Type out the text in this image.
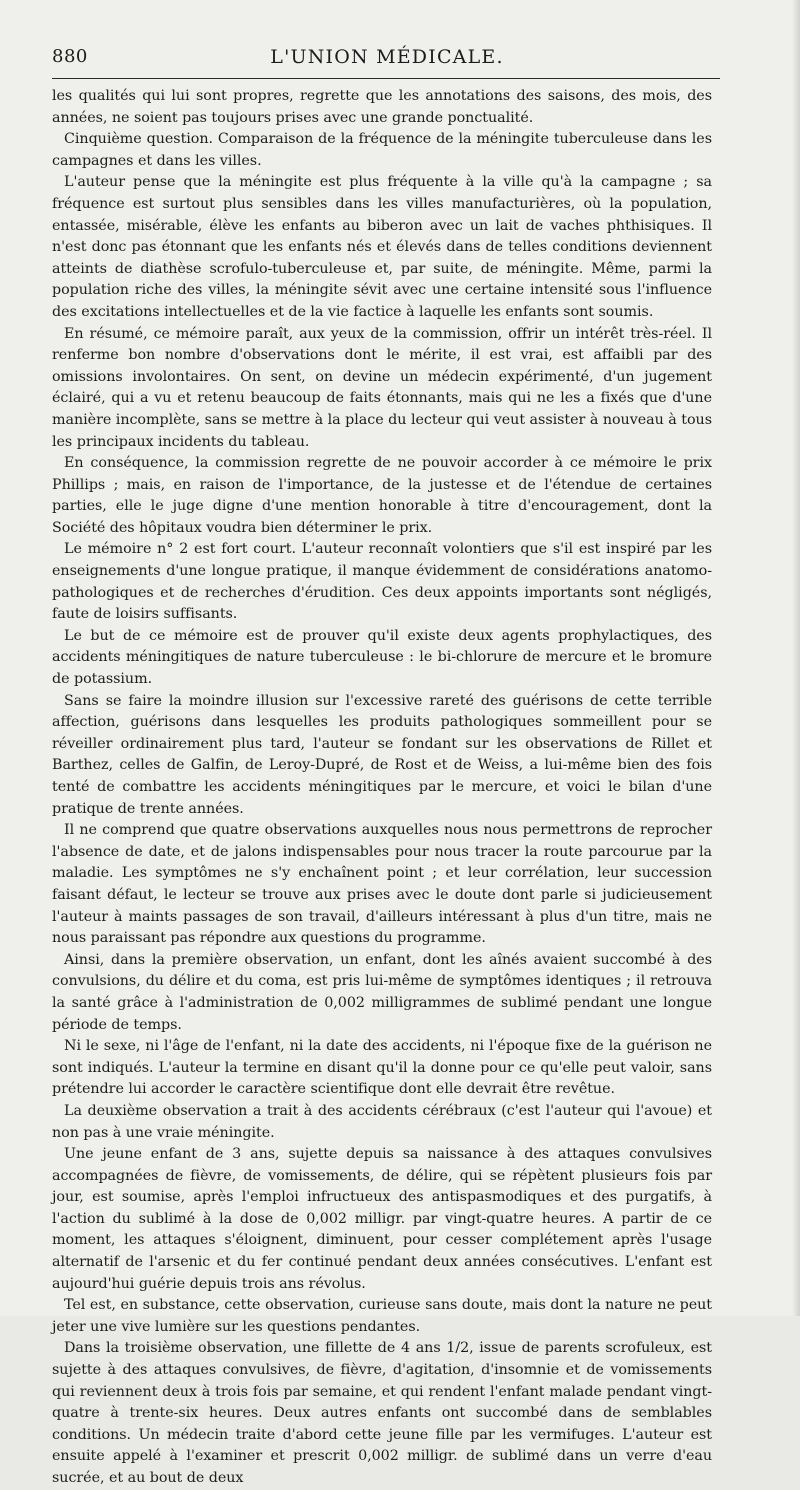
880	L'UNION MÉDICALE.

les qualités qui lui sont propres, regrette que les annotations des saisons, des mois, des années, ne soient pas toujours prises avec une grande ponctualité.

Cinquième question. Comparaison de la fréquence de la méningite tuberculeuse dans les campagnes et dans les villes.

L'auteur pense que la méningite est plus fréquente à la ville qu'à la campagne ; sa fréquence est surtout plus sensibles dans les villes manufacturières, où la population, entassée, misérable, élève les enfants au biberon avec un lait de vaches phthisiques. Il n'est donc pas étonnant que les enfants nés et élevés dans de telles conditions deviennent atteints de diathèse scrofulo-tuberculeuse et, par suite, de méningite. Même, parmi la population riche des villes, la méningite sévit avec une certaine intensité sous l'influence des excitations intellectuelles et de la vie factice à laquelle les enfants sont soumis.

En résumé, ce mémoire paraît, aux yeux de la commission, offrir un intérêt très-réel. Il renferme bon nombre d'observations dont le mérite, il est vrai, est affaibli par des omissions involontaires. On sent, on devine un médecin expérimenté, d'un jugement éclairé, qui a vu et retenu beaucoup de faits étonnants, mais qui ne les a fixés que d'une manière incomplète, sans se mettre à la place du lecteur qui veut assister à nouveau à tous les principaux incidents du tableau.

En conséquence, la commission regrette de ne pouvoir accorder à ce mémoire le prix Phillips ; mais, en raison de l'importance, de la justesse et de l'étendue de certaines parties, elle le juge digne d'une mention honorable à titre d'encouragement, dont la Société des hôpitaux voudra bien déterminer le prix.

Le mémoire n° 2 est fort court. L'auteur reconnaît volontiers que s'il est inspiré par les enseignements d'une longue pratique, il manque évidemment de considérations anatomo-pathologiques et de recherches d'érudition. Ces deux appoints importants sont négligés, faute de loisirs suffisants.

Le but de ce mémoire est de prouver qu'il existe deux agents prophylactiques, des accidents méningitiques de nature tuberculeuse : le bi-chlorure de mercure et le bromure de potassium.

Sans se faire la moindre illusion sur l'excessive rareté des guérisons de cette terrible affection, guérisons dans lesquelles les produits pathologiques sommeillent pour se réveiller ordinairement plus tard, l'auteur se fondant sur les observations de Rillet et Barthez, celles de Galfin, de Leroy-Dupré, de Rost et de Weiss, a lui-même bien des fois tenté de combattre les accidents méningitiques par le mercure, et voici le bilan d'une pratique de trente années.

Il ne comprend que quatre observations auxquelles nous nous permettrons de reprocher l'absence de date, et de jalons indispensables pour nous tracer la route parcourue par la maladie. Les symptômes ne s'y enchaînent point ; et leur corrélation, leur succession faisant défaut, le lecteur se trouve aux prises avec le doute dont parle si judicieusement l'auteur à maints passages de son travail, d'ailleurs intéressant à plus d'un titre, mais ne nous paraissant pas répondre aux questions du programme.

Ainsi, dans la première observation, un enfant, dont les aînés avaient succombé à des convulsions, du délire et du coma, est pris lui-même de symptômes identiques ; il retrouva la santé grâce à l'administration de 0,002 milligrammes de sublimé pendant une longue période de temps.

Ni le sexe, ni l'âge de l'enfant, ni la date des accidents, ni l'époque fixe de la guérison ne sont indiqués. L'auteur la termine en disant qu'il la donne pour ce qu'elle peut valoir, sans prétendre lui accorder le caractère scientifique dont elle devrait être revêtue.

La deuxième observation a trait à des accidents cérébraux (c'est l'auteur qui l'avoue) et non pas à une vraie méningite.

Une jeune enfant de 3 ans, sujette depuis sa naissance à des attaques convulsives accompagnées de fièvre, de vomissements, de délire, qui se répètent plusieurs fois par jour, est soumise, après l'emploi infructueux des antispasmodiques et des purgatifs, à l'action du sublimé à la dose de 0,002 milligr. par vingt-quatre heures. A partir de ce moment, les attaques s'éloignent, diminuent, pour cesser complétement après l'usage alternatif de l'arsenic et du fer continué pendant deux années consécutives. L'enfant est aujourd'hui guérie depuis trois ans révolus.

Tel est, en substance, cette observation, curieuse sans doute, mais dont la nature ne peut jeter une vive lumière sur les questions pendantes.

Dans la troisième observation, une fillette de 4 ans 1/2, issue de parents scrofuleux, est sujette à des attaques convulsives, de fièvre, d'agitation, d'insomnie et de vomissements qui reviennent deux à trois fois par semaine, et qui rendent l'enfant malade pendant vingt-quatre à trente-six heures. Deux autres enfants ont succombé dans de semblables conditions. Un médecin traite d'abord cette jeune fille par les vermifuges. L'auteur est ensuite appelé à l'examiner et prescrit 0,002 milligr. de sublimé dans un verre d'eau sucrée, et au bout de deux
